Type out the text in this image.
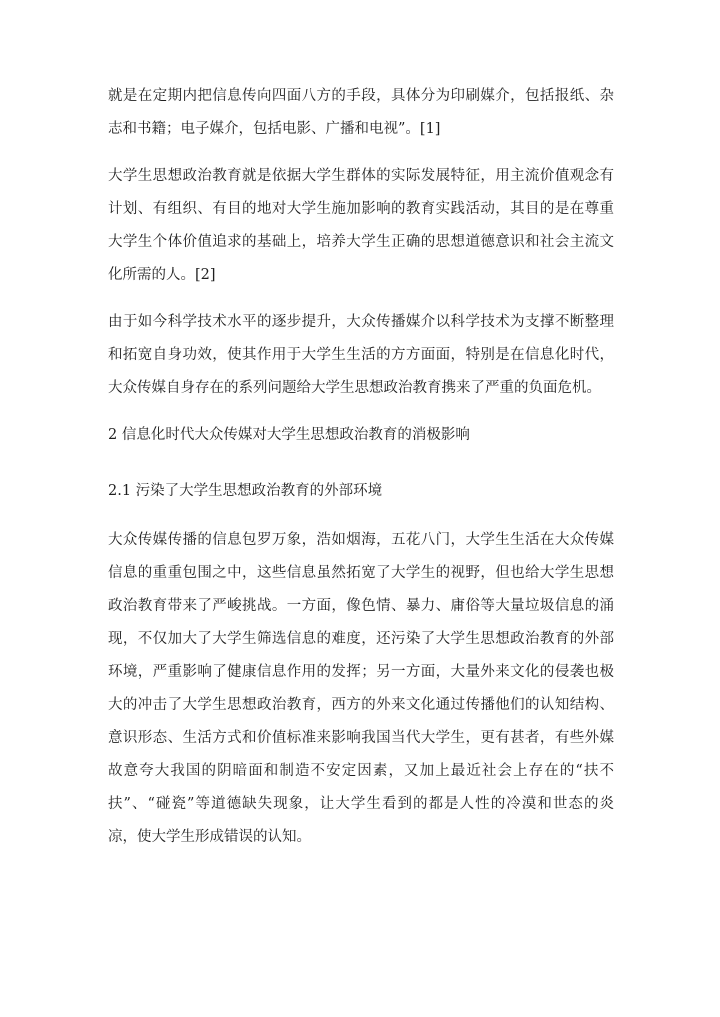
就是在定期内把信息传向四面八方的手段，具体分为印刷媒介，包括报纸、杂
志和书籍；电子媒介，包括电影、广播和电视”。[1]
大学生思想政治教育就是依据大学生群体的实际发展特征，用主流价值观念有
计划、有组织、有目的地对大学生施加影响的教育实践活动，其目的是在尊重
大学生个体价值追求的基础上，培养大学生正确的思想道德意识和社会主流文
化所需的人。[2]
由于如今科学技术水平的逐步提升，大众传播媒介以科学技术为支撑不断整理
和拓宽自身功效，使其作用于大学生生活的方方面面，特别是在信息化时代，
大众传媒自身存在的系列问题给大学生思想政治教育携来了严重的负面危机。
2 信息化时代大众传媒对大学生思想政治教育的消极影响
2.1 污染了大学生思想政治教育的外部环境
大众传媒传播的信息包罗万象，浩如烟海，五花八门，大学生生活在大众传媒
信息的重重包围之中，这些信息虽然拓宽了大学生的视野，但也给大学生思想
政治教育带来了严峻挑战。一方面，像色情、暴力、庸俗等大量垃圾信息的涌
现，不仅加大了大学生筛选信息的难度，还污染了大学生思想政治教育的外部
环境，严重影响了健康信息作用的发挥；另一方面，大量外来文化的侵袭也极
大的冲击了大学生思想政治教育，西方的外来文化通过传播他们的认知结构、
意识形态、生活方式和价值标准来影响我国当代大学生，更有甚者，有些外媒
故意夸大我国的阴暗面和制造不安定因素，又加上最近社会上存在的“扶不
扶”、“碰瓷”等道德缺失现象，让大学生看到的都是人性的冷漠和世态的炎
凉，使大学生形成错误的认知。
